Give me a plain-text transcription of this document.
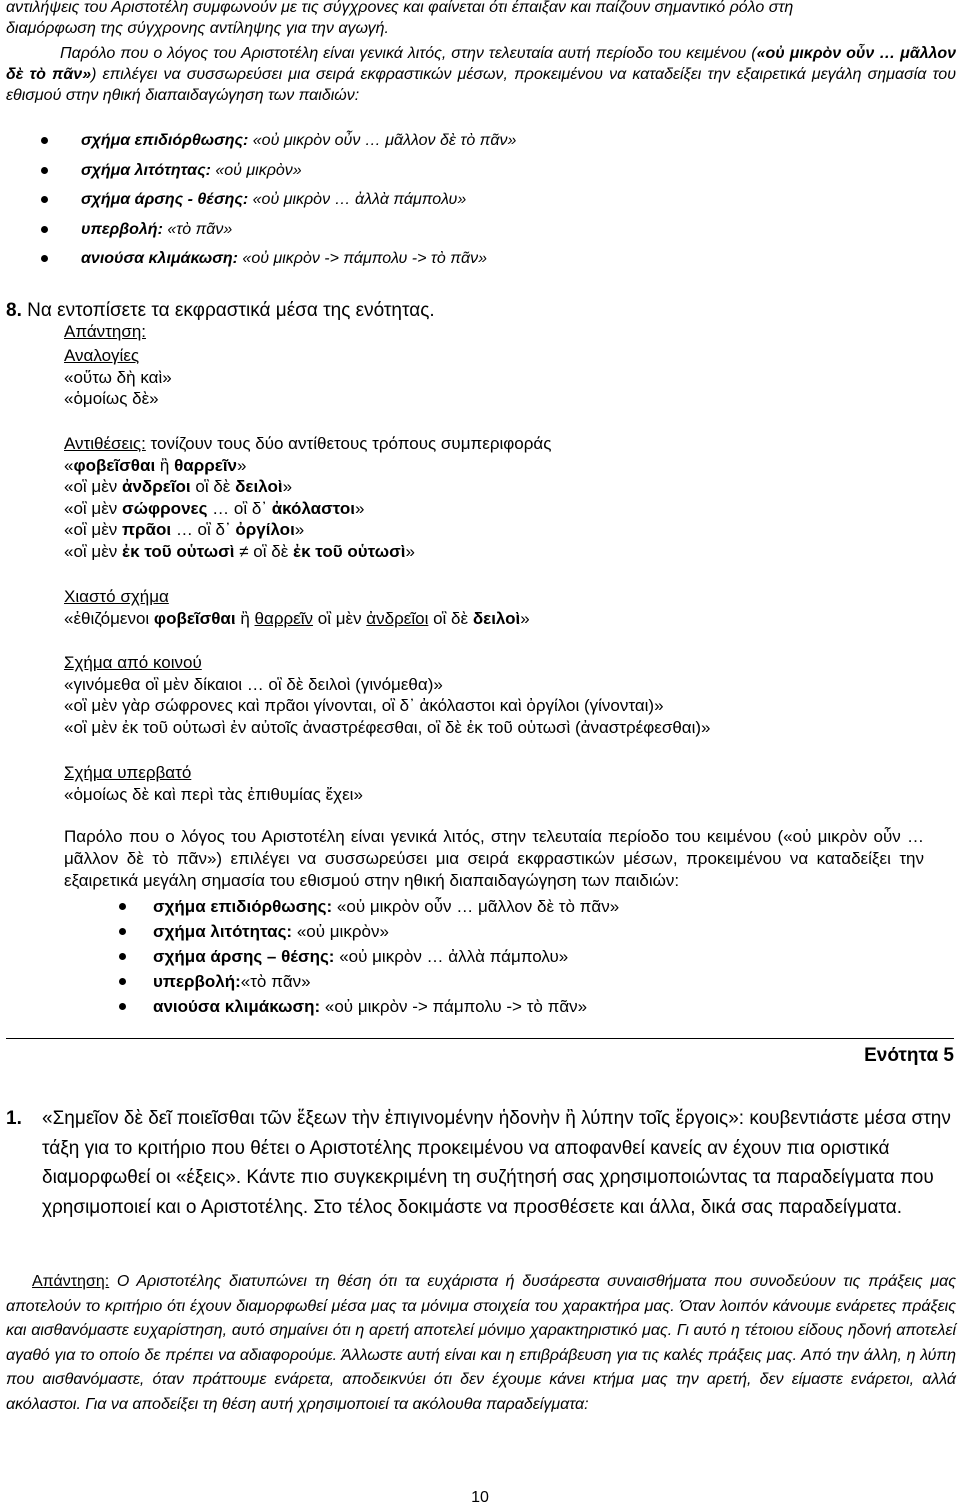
αντιλήψεις του Αριστοτέλη συμφωνούν με τις σύγχρονες και φαίνεται ότι έπαιξαν και παίζουν σημαντικό ρόλο στη

διαμόρφωση της σύγχρονης αντίληψης για την αγωγή.

Παρόλο που ο λόγος του Αριστοτέλη είναι γενικά λιτός, στην τελευταία αυτή περίοδο του κειμένου («οὐ μικρὸν οὖν … μᾶλλον δὲ τὸ πᾶν») επιλέγει να συσσωρεύσει μια σειρά εκφραστικών μέσων, προκειμένου να καταδείξει την εξαιρετικά μεγάλη σημασία του εθισμού στην ηθική διαπαιδαγώγηση των παιδιών:

σχήμα επιδιόρθωσης: «οὐ μικρὸν οὖν … μᾶλλον δὲ τὸ πᾶν»
σχήμα λιτότητας: «οὐ μικρὸν»
σχήμα άρσης - θέσης: «οὐ μικρὸν … ἀλλὰ πάμπολυ»
υπερβολή: «τὸ πᾶν»
ανιούσα κλιμάκωση: «οὐ μικρὸν -> πάμπολυ -> τὸ πᾶν»
8. Να εντοπίσετε τα εκφραστικά μέσα της ενότητας.
Απάντηση:

Αναλογίες

«οὕτω δὴ καὶ»

«ὁμοίως δὲ»

Αντιθέσεις: τονίζουν τους δύο αντίθετους τρόπους συμπεριφοράς

«φοβεῖσθαι ἢ θαρρεῖν»

«οἳ μὲν ἀνδρεῖοι οἳ δὲ δειλοὶ»

«οἳ μὲν σώφρονες … οἳ δ᾽ ἀκόλαστοι»

«οἳ μὲν πρᾶοι … οἳ δ᾽ ὀργίλοι»

«οἳ μὲν ἐκ τοῦ οὑτωσὶ ≠ οἳ δὲ ἐκ τοῦ οὑτωσὶ»

Χιαστό σχήμα

«ἐθιζόμενοι φοβεῖσθαι ἢ θαρρεῖν οἳ μὲν ἀνδρεῖοι οἳ δὲ δειλοὶ»

Σχήμα από κοινού

«γινόμεθα οἳ μὲν δίκαιοι … οἳ δὲ δειλοὶ (γινόμεθα)»

«οἳ μὲν γὰρ σώφρονες καὶ πρᾶοι γίνονται, οἳ δ᾽ ἀκόλαστοι καὶ ὀργίλοι (γίνονται)»

«οἳ μὲν ἐκ τοῦ οὑτωσὶ ἐν αὐτοῖς ἀναστρέφεσθαι, οἳ δὲ ἐκ τοῦ οὑτωσὶ (ἀναστρέφεσθαι)»

Σχήμα υπερβατό

«ὁμοίως δὲ καὶ περὶ τὰς ἐπιθυμίας ἔχει»

Παρόλο που ο λόγος του Αριστοτέλη είναι γενικά λιτός, στην τελευταία περίοδο του κειμένου («οὐ μικρὸν οὖν … μᾶλλον δὲ τὸ πᾶν») επιλέγει να συσσωρεύσει μια σειρά εκφραστικών μέσων, προκειμένου να καταδείξει την εξαιρετικά μεγάλη σημασία του εθισμού στην ηθική διαπαιδαγώγηση των παιδιών:
σχήμα επιδιόρθωσης: «οὐ μικρὸν οὖν … μᾶλλον δὲ τὸ πᾶν»
σχήμα λιτότητας: «οὐ μικρὸν»
σχήμα άρσης – θέσης: «οὐ μικρὸν … ἀλλὰ πάμπολυ»
υπερβολή:«τὸ πᾶν»
ανιούσα κλιμάκωση: «οὐ μικρὸν -> πάμπολυ -> τὸ πᾶν»
Ενότητα 5
1. «Σημεῖον δὲ δεῖ ποιεῖσθαι τῶν ἕξεων τὴν ἐπιγινομένην ἡδονὴν ἢ λύπην τοῖς ἔργοις»: κουβεντιάστε μέσα στην τάξη για το κριτήριο που θέτει ο Αριστοτέλης προκειμένου να αποφανθεί κανείς αν έχουν πια οριστικά διαμορφωθεί οι «έξεις». Κάντε πιο συγκεκριμένη τη συζήτησή σας χρησιμοποιώντας τα παραδείγματα που χρησιμοποιεί και ο Αριστοτέλης. Στο τέλος δοκιμάστε να προσθέσετε και άλλα, δικά σας παραδείγματα.

Απάντηση: Ο Αριστοτέλης διατυπώνει τη θέση ότι τα ευχάριστα ή δυσάρεστα συναισθήματα που συνοδεύουν τις πράξεις μας αποτελούν το κριτήριο ότι έχουν διαμορφωθεί μέσα μας τα μόνιμα στοιχεία του χαρακτήρα μας. Όταν λοιπόν κάνουμε ενάρετες πράξεις και αισθανόμαστε ευχαρίστηση, αυτό σημαίνει ότι η αρετή αποτελεί μόνιμο χαρακτηριστικό μας. Γι αυτό η τέτοιου είδους ηδονή αποτελεί αγαθό για το οποίο δε πρέπει να αδιαφορούμε. Άλλωστε αυτή είναι και η επιβράβευση για τις καλές πράξεις μας. Από την άλλη, η λύπη που αισθανόμαστε, όταν πράττουμε ενάρετα, αποδεικνύει ότι δεν έχουμε κάνει κτήμα μας την αρετή, δεν είμαστε ενάρετοι, αλλά ακόλαστοι. Για να αποδείξει τη θέση αυτή χρησιμοποιεί τα ακόλουθα παραδείγματα:

10
